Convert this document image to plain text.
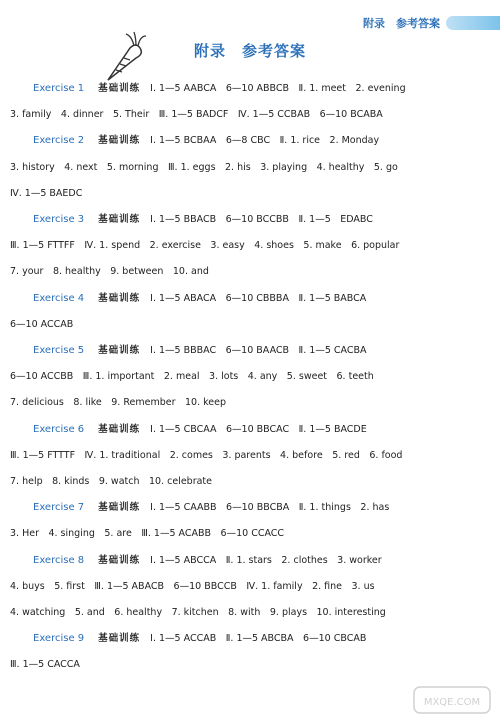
附录　参考答案
附录　参考答案
Exercise 1 基础训练 Ⅰ. 1—5 AABCA　6—10 ABBCB　Ⅱ. 1. meet　2. evening
3. family　4. dinner　5. Their　Ⅲ. 1—5 BADCF　Ⅳ. 1—5 CCBAB　6—10 BCABA
Exercise 2 基础训练 Ⅰ. 1—5 BCBAA　6—8 CBC　Ⅱ. 1. rice　2. Monday
3. history　4. next　5. morning　Ⅲ. 1. eggs　2. his　3. playing　4. healthy　5. go
Ⅳ. 1—5 BAEDC
Exercise 3 基础训练 Ⅰ. 1—5 BBACB　6—10 BCCBB　Ⅱ. 1—5　EDABC
Ⅲ. 1—5 FTTFF　Ⅳ. 1. spend　2. exercise　3. easy　4. shoes　5. make　6. popular
7. your　8. healthy　9. between　10. and
Exercise 4 基础训练 Ⅰ. 1—5 ABACA　6—10 CBBBA　Ⅱ. 1—5 BABCA
6—10 ACCAB
Exercise 5 基础训练 Ⅰ. 1—5 BBBAC　6—10 BAACB　Ⅱ. 1—5 CACBA
6—10 ACCBB　Ⅲ. 1. important　2. meal　3. lots　4. any　5. sweet　6. teeth
7. delicious　8. like　9. Remember　10. keep
Exercise 6 基础训练 Ⅰ. 1—5 CBCAA　6—10 BBCAC　Ⅱ. 1—5 BACDE
Ⅲ. 1—5 FTTTF　Ⅳ. 1. traditional　2. comes　3. parents　4. before　5. red　6. food
7. help　8. kinds　9. watch　10. celebrate
Exercise 7 基础训练 Ⅰ. 1—5 CAABB　6—10 BBCBA　Ⅱ. 1. things　2. has
3. Her　4. singing　5. are　Ⅲ. 1—5 ACABB　6—10 CCACC
Exercise 8 基础训练 Ⅰ. 1—5 ABCCA　Ⅱ. 1. stars　2. clothes　3. worker
4. buys　5. first　Ⅲ. 1—5 ABACB　6—10 BBCCB　Ⅳ. 1. family　2. fine　3. us
4. watching　5. and　6. healthy　7. kitchen　8. with　9. plays　10. interesting
Exercise 9 基础训练 Ⅰ. 1—5 ACCAB　Ⅱ. 1—5 ABCBA　6—10 CBCAB
Ⅲ. 1—5 CACCA
MXQE.COM
